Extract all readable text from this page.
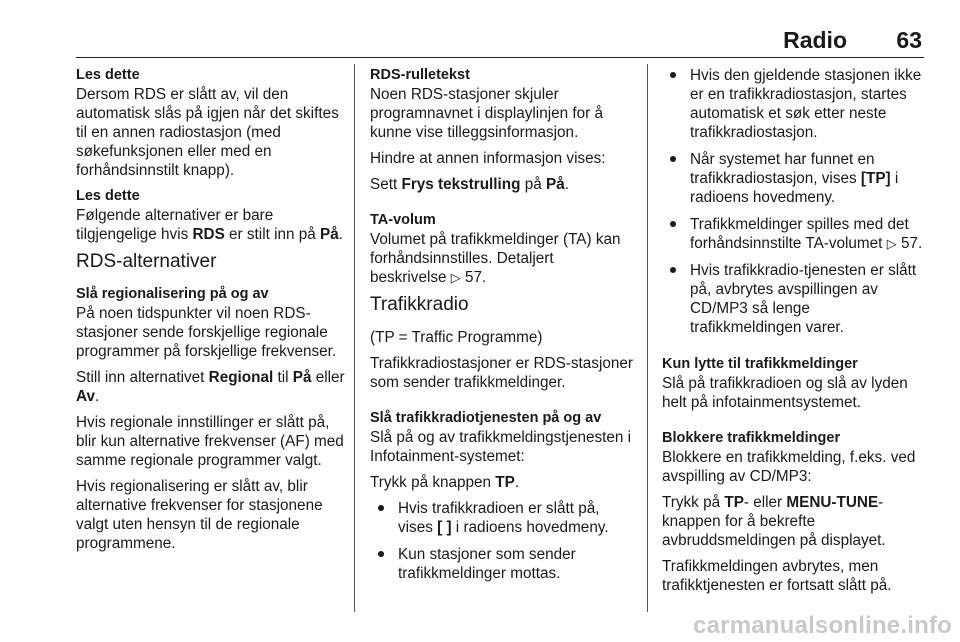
Radio 63

Les dette

Dersom RDS er slått av, vil den automatisk slås på igjen når det skiftes til en annen radiostasjon (med søkefunksjonen eller med en forhåndsinnstilt knapp).

Les dette

Følgende alternativer er bare tilgjengelige hvis RDS er stilt inn på På.

RDS-alternativer

Slå regionalisering på og av

På noen tidspunkter vil noen RDS-stasjoner sende forskjellige regionale programmer på forskjellige frekvenser.

Still inn alternativet Regional til På eller Av.

Hvis regionale innstillinger er slått på, blir kun alternative frekvenser (AF) med samme regionale programmer valgt.

Hvis regionalisering er slått av, blir alternative frekvenser for stasjonene valgt uten hensyn til de regionale programmene.

RDS-rulletekst

Noen RDS-stasjoner skjuler programnavnet i displaylinjen for å kunne vise tilleggsinformasjon.

Hindre at annen informasjon vises:

Sett Frys tekstrulling på På.

TA-volum

Volumet på trafikkmeldinger (TA) kan forhåndsinnstilles. Detaljert beskrivelse ▷ 57.

Trafikkradio

(TP = Traffic Programme)

Trafikkradiostasjoner er RDS-stasjoner som sender trafikkmeldinger.

Slå trafikkradiotjenesten på og av

Slå på og av trafikkmeldingstjenesten i Infotainment-systemet:

Trykk på knappen TP.

Hvis trafikkradioen er slått på, vises [ ] i radioens hovedmeny.
Kun stasjoner som sender trafikkmeldinger mottas.
Hvis den gjeldende stasjonen ikke er en trafikkradiostasjon, startes automatisk et søk etter neste trafikkradiostasjon.
Når systemet har funnet en trafikkradiostasjon, vises [TP] i radioens hovedmeny.
Trafikkmeldinger spilles med det forhåndsinnstilte TA-volumet ▷ 57.
Hvis trafikkradio-tjenesten er slått på, avbrytes avspillingen av CD/MP3 så lenge trafikkmeldingen varer.

Kun lytte til trafikkmeldinger

Slå på trafikkradioen og slå av lyden helt på infotainmentsystemet.

Blokkere trafikkmeldinger

Blokkere en trafikkmelding, f.eks. ved avspilling av CD/MP3:

Trykk på TP- eller MENU-TUNE-knappen for å bekrefte avbruddsmeldingen på displayet.

Trafikkmeldingen avbrytes, men trafikktjenesten er fortsatt slått på.

carmanualsonline.info
